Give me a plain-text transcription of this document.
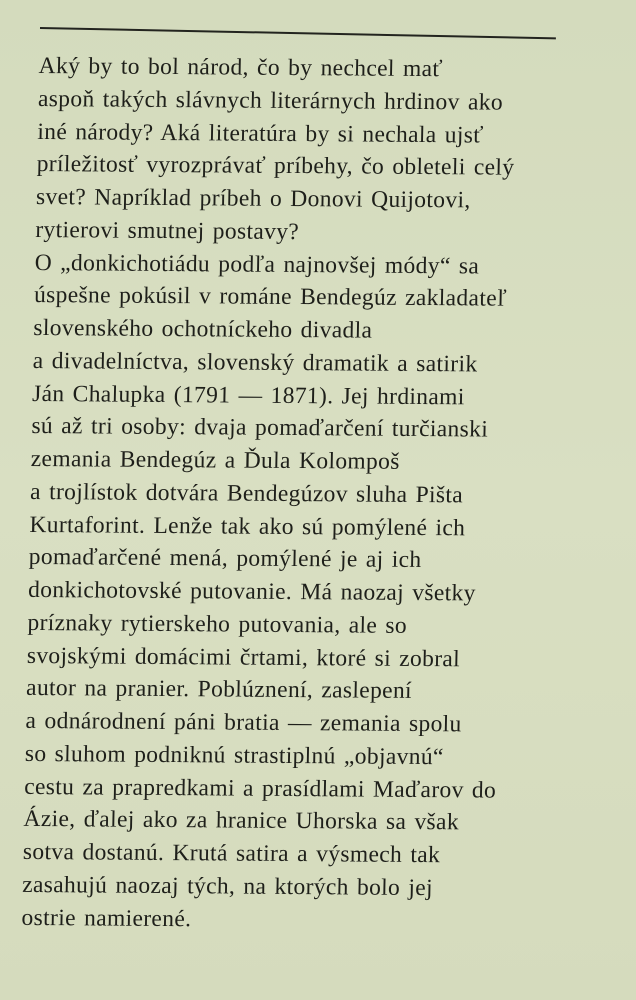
Aký by to bol národ, čo by nechcel mať
aspoň takých slávnych literárnych hrdinov ako
iné národy? Aká literatúra by si nechala ujsť
príležitosť vyrozprávať príbehy, čo obleteli celý
svet? Napríklad príbeh o Donovi Quijotovi,
rytierovi smutnej postavy?
O „donkichotiádu podľa najnovšej módy“ sa
úspešne pokúsil v románe Bendegúz zakladateľ
slovenského ochotníckeho divadla
a divadelníctva, slovenský dramatik a satirik
Ján Chalupka (1791 — 1871). Jej hrdinami
sú až tri osoby: dvaja pomaďarčení turčianski
zemania Bendegúz a Ďula Kolompoš
a trojlístok dotvára Bendegúzov sluha Pišta
Kurtaforint. Lenže tak ako sú pomýlené ich
pomaďarčené mená, pomýlené je aj ich
donkichotovské putovanie. Má naozaj všetky
príznaky rytierskeho putovania, ale so
svojskými domácimi črtami, ktoré si zobral
autor na pranier. Poblúznení, zaslepení
a odnárodnení páni bratia — zemania spolu
so sluhom podniknú strastiplnú „objavnú“
cestu za prapredkami a prasídlami Maďarov do
Ázie, ďalej ako za hranice Uhorska sa však
sotva dostanú. Krutá satira a výsmech tak
zasahujú naozaj tých, na ktorých bolo jej
ostrie namierené.
